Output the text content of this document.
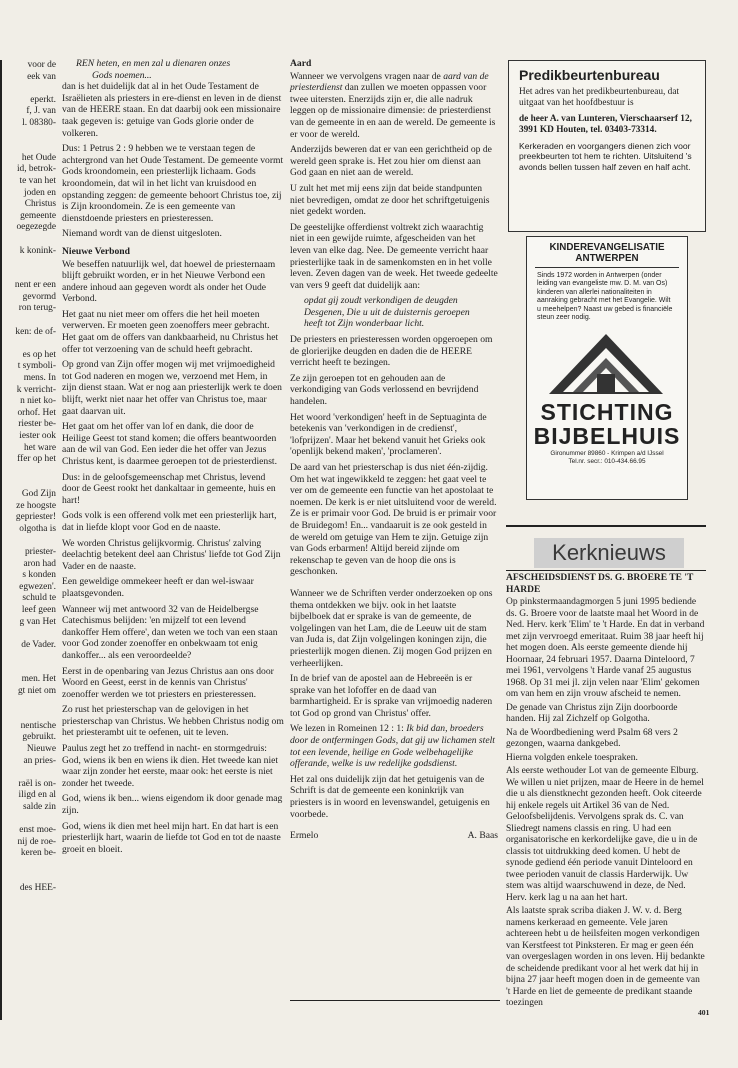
voor de
eek van
eperkt.
f, J. van
l. 08380-
het Oude
id, betrok-
te van het
joden en
Christus
gemeente
oegezegde
k konink-
nent er een
gevormd
ron terug-
ken: de of-
es op het
t symboli-
mens. In
k verricht-
n niet ko-
orhof. Het
riester be-
iester ook
het ware
ffer op het
God Zijn
ze hoogste
gepriester!
olgotha is
priester-
aron had
s konden
egwezen'.
schuld te
leef geen
g van Het
de Vader.
men. Het
gt niet om
nentische
gebruikt.
Nieuwe
an pries-
raël is on-
iligd en al
salde zin
enst moe-
nij de roe-
keren be-
des HEE-

REN heten, en men zal u dienaren onzes

Gods noemen...

dan is het duidelijk dat al in het Oude Testament de Israëlieten als priesters in ere-dienst en leven in de dienst van de HEERE staan. En dat daarbij ook een missionaire taak gegeven is: getuige van Gods glorie onder de volkeren.

Dus: 1 Petrus 2 : 9 hebben we te verstaan tegen de achtergrond van het Oude Testament. De gemeente vormt Gods kroondomein, een priesterlijk lichaam. Gods kroondomein, dat wil in het licht van kruisdood en opstanding zeggen: de gemeente behoort Christus toe, zij is Zijn kroondomein. Ze is een gemeente van dienstdoende priesters en priesteressen.

Niemand wordt van de dienst uitgesloten.

Nieuwe Verbond

We beseffen natuurlijk wel, dat hoewel de priesternaam blijft gebruikt worden, er in het Nieuwe Verbond een andere inhoud aan gegeven wordt als onder het Oude Verbond.

Het gaat nu niet meer om offers die het heil moeten verwerven. Er moeten geen zoenoffers meer gebracht. Het gaat om de offers van dankbaarheid, nu Christus het offer tot verzoening van de schuld heeft gebracht.

Op grond van Zijn offer mogen wij met vrijmoedigheid tot God naderen en mogen we, verzoend met Hem, in zijn dienst staan. Wat er nog aan priesterlijk werk te doen blijft, werkt niet naar het offer van Christus toe, maar gaat daarvan uit.

Het gaat om het offer van lof en dank, die door de Heilige Geest tot stand komen; die offers beantwoorden aan de wil van God. Een ieder die het offer van Jezus Christus kent, is daarmee geroepen tot de priesterdienst.

Dus: in de geloofsgemeenschap met Christus, levend door de Geest rookt het dankaltaar in gemeente, huis en hart!

Gods volk is een offerend volk met een priesterlijk hart, dat in liefde klopt voor God en de naaste.

We worden Christus gelijkvormig. Christus' zalving deelachtig betekent deel aan Christus' liefde tot God Zijn Vader en de naaste.

Een geweldige ommekeer heeft er dan wel-iswaar plaatsgevonden.

Wanneer wij met antwoord 32 van de Heidelbergse Catechismus belijden: 'en mijzelf tot een levend dankoffer Hem offere', dan weten we toch van een staan voor God zonder zoenoffer en onbekwaam tot enig dankoffer... als een veroordeelde?

Eerst in de openbaring van Jezus Christus aan ons door Woord en Geest, eerst in de kennis van Christus' zoenoffer werden we tot priesters en priesteressen.

Zo rust het priesterschap van de gelovigen in het priesterschap van Christus. We hebben Christus nodig om het priesterambt uit te oefenen, uit te leven.

Paulus zegt het zo treffend in nacht- en stormgedruis: God, wiens ik ben en wiens ik dien. Het tweede kan niet waar zijn zonder het eerste, maar ook: het eerste is niet zonder het tweede.

God, wiens ik ben... wiens eigendom ik door genade mag zijn.

God, wiens ik dien met heel mijn hart. En dat hart is een priesterlijk hart, waarin de liefde tot God en tot de naaste groeit en bloeit.

Aard

Wanneer we vervolgens vragen naar de aard van de priesterdienst dan zullen we moeten oppassen voor twee uitersten. Enerzijds zijn er, die alle nadruk leggen op de missionaire dimensie: de priesterdienst van de gemeente in en aan de wereld. De gemeente is er voor de wereld.

Anderzijds beweren dat er van een gerichtheid op de wereld geen sprake is. Het zou hier om dienst aan God gaan en niet aan de wereld.

U zult het met mij eens zijn dat beide standpunten niet bevredigen, omdat ze door het schriftgetuigenis niet gedekt worden.

De geestelijke offerdienst voltrekt zich waarachtig niet in een gewijde ruimte, afgescheiden van het leven van elke dag. Nee. De gemeente verricht haar priesterlijke taak in de samenkomsten en in het volle leven. Zeven dagen van de week. Het tweede gedeelte van vers 9 geeft dat duidelijk aan:

opdat gij zoudt verkondigen de deugden Desgenen, Die u uit de duisternis geroepen heeft tot Zijn wonderbaar licht.

De priesters en priesteressen worden opgeroepen om de glorierijke deugden en daden die de HEERE verricht heeft te bezingen.

Ze zijn geroepen tot en gehouden aan de verkondiging van Gods verlossend en bevrijdend handelen.

Het woord 'verkondigen' heeft in de Septuaginta de betekenis van 'verkondigen in de credienst', 'lofprijzen'. Maar het bekend vanuit het Grieks ook 'openlijk bekend maken', 'proclameren'.

De aard van het priesterschap is dus niet één-zijdig. Om het wat ingewikkeld te zeggen: het gaat veel te ver om de gemeente een functie van het apostolaat te noemen. De kerk is er niet uitsluitend voor de wereld. Ze is er primair voor God. De bruid is er primair voor de Bruidegom! En... vandaaruit is ze ook gesteld in de wereld om getuige van Hem te zijn. Getuige zijn van Gods erbarmen! Altijd bereid zijnde om rekenschap te geven van de hoop die ons is geschonken.

Wanneer we de Schriften verder onderzoeken op ons thema ontdekken we bijv. ook in het laatste bijbelboek dat er sprake is van de gemeente, de volgelingen van het Lam, die de Leeuw uit de stam van Juda is, dat Zijn volgelingen koningen zijn, die priesterlijk mogen dienen. Zij mogen God prijzen en verheerlijken.

In de brief van de apostel aan de Hebreeën is er sprake van het lofoffer en de daad van barmhartigheid. Er is sprake van vrijmoedig naderen tot God op grond van Christus' offer.

We lezen in Romeinen 12 : 1: Ik bid dan, broeders door de ontfermingen Gods, dat gij uw lichamen stelt tot een levende, heilige en Gode welbehagelijke offerande, welke is uw redelijke godsdienst.

Het zal ons duidelijk zijn dat het getuigenis van de Schrift is dat de gemeente een koninkrijk van priesters is in woord en levenswandel, getuigenis en voorbede.

Ermelo	A. Baas
Predikbeurtenbureau
Het adres van het predikbeurtenbureau, dat uitgaat van het hoofdbestuur is
de heer A. van Lunteren, Vierschaarserf 12, 3991 KD Houten, tel. 03403-73314.
Kerkeraden en voorgangers dienen zich voor preekbeurten tot hem te richten. Uitsluitend 's avonds bellen tussen half zeven en half acht.
KINDEREVANGELISATIE ANTWERPEN
Sinds 1972 worden in Antwerpen (onder leiding van evangeliste mw. D. M. van Os) kinderen van allerlei nationaliteiten in aanraking gebracht met het Evangelie. Wilt u meehelpen? Naast uw gebed is financiële steun zeer nodig.
STICHTING
BIJBELHUIS
Gironummer 89860 - Krimpen a/d IJssel
Tel.nr. secr.: 010-434.66.95
Kerknieuws

AFSCHEIDSDIENST DS. G. BROERE TE 'T HARDE

Op pinkstermaandagmorgen 5 juni 1995 bediende ds. G. Broere voor de laatste maal het Woord in de Ned. Herv. kerk 'Elim' te 't Harde. En dat in verband met zijn vervroegd emeritaat. Ruim 38 jaar heeft hij het mogen doen. Als eerste gemeente diende hij Hoornaar, 24 februari 1957. Daarna Dinteloord, 7 mei 1961, vervolgens 't Harde vanaf 25 augustus 1968. Op 31 mei jl. zijn velen naar 'Elim' gekomen om van hem en zijn vrouw afscheid te nemen.

De genade van Christus zijn Zijn doorboorde handen. Hij zal Zichzelf op Golgotha.

Na de Woordbediening werd Psalm 68 vers 2 gezongen, waarna dankgebed.

Hierna volgden enkele toespraken.

Als eerste wethouder Lot van de gemeente Elburg. We willen u niet prijzen, maar de Heere in de hemel die u als dienstknecht gezonden heeft. Ook citeerde hij enkele regels uit Artikel 36 van de Ned. Geloofsbelijdenis. Vervolgens sprak ds. C. van Sliedregt namens classis en ring. U had een organisatorische en kerkordelijke gave, die u in de classis tot uitdrukking deed komen. U hebt de synode gediend één periode vanuit Dinteloord en twee perioden vanuit de classis Harderwijk. Uw stem was altijd waarschuwend in deze, de Ned. Herv. kerk lag u na aan het hart.

Als laatste sprak scriba diaken J. W. v. d. Berg namens kerkeraad en gemeente. Vele jaren achtereen hebt u de heilsfeiten mogen verkondigen van Kerstfeest tot Pinksteren. Er mag er geen één van overgeslagen worden in ons leven. Hij bedankte de scheidende predikant voor al het werk dat hij in bijna 27 jaar heeft mogen doen in de gemeente van 't Harde en liet de gemeente de predikant staande toezingen

401
